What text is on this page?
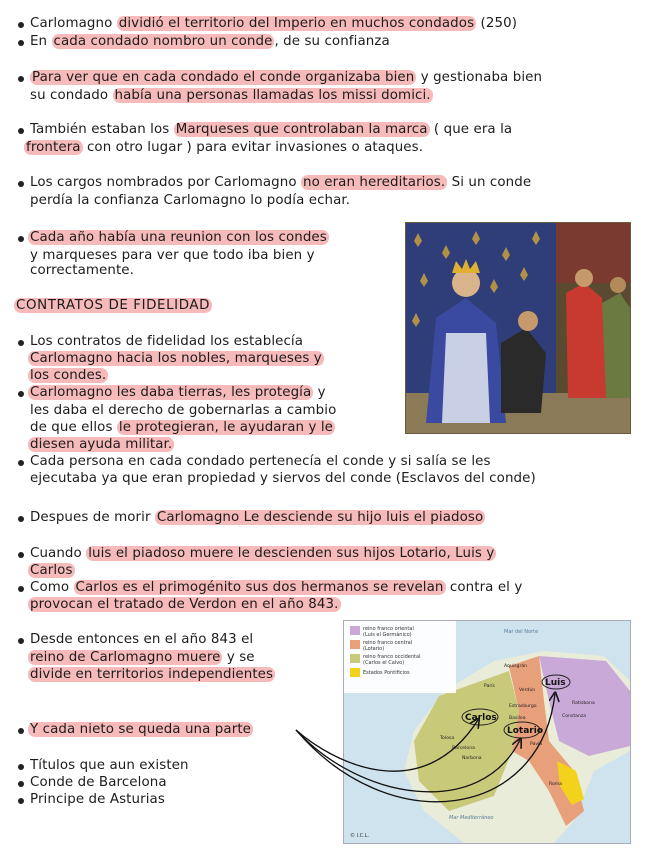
Carlomagno dividió el territorio del Imperio en muchos condados (250)
En cada condado nombro un conde , de su confianza
Para ver que en cada condado el conde organizaba bien y gestionaba bien
su condado había una personas llamadas los missi domici.
También estaban los Marqueses que controlaban la marca ( que era la
frontera con otro lugar ) para evitar invasiones o ataques.
Los cargos nombrados por Carlomagno no eran hereditarios. Si un conde
perdía la confianza Carlomagno lo podía echar.
Cada año había una reunion con los condes
y marqueses para ver que todo iba bien y
correctamente.
CONTRATOS DE FIDELIDAD
Los contratos de fidelidad los establecía
Carlomagno hacia los nobles, marqueses y
los condes.
Carlomagno les daba tierras, les protegía y
les daba el derecho de gobernarlas a cambio
de que ellos le protegieran, le ayudaran y le
diesen ayuda militar.
Cada persona en cada condado pertenecía el conde y si salía se les
ejecutaba ya que eran propiedad y siervos del conde (Esclavos del conde)
Despues de morir Carlomagno Le desciende su hijo luis el piadoso
Cuando luis el piadoso muere le descienden sus hijos Lotario, Luis y
Carlos
Como Carlos es el primogénito sus dos hermanos se revelan contra el y
provocan el tratado de Verdon en el año 843.
Desde entonces en el año 843 el
reino de Carlomagno muere y se
divide en territorios independientes
Y cada nieto se queda una parte
Títulos que aun existen
Conde de Barcelona
Principe de Asturias
reino franco oriental
(Luis el Germánico)
reino franco central
(Lotario)
reino franco occidental
(Carlos el Calvo)
Estados Pontificios
Mar del Norte
Mar Mediterráneo
Aquisgrán
París
Verdún
Ratisbona
Estrasburgo
Basilea	Constanza
Tolosa
Pavía
Narbona
Barcelona
Roma
Luis
Carlos
Lotario
© I.C.L.
